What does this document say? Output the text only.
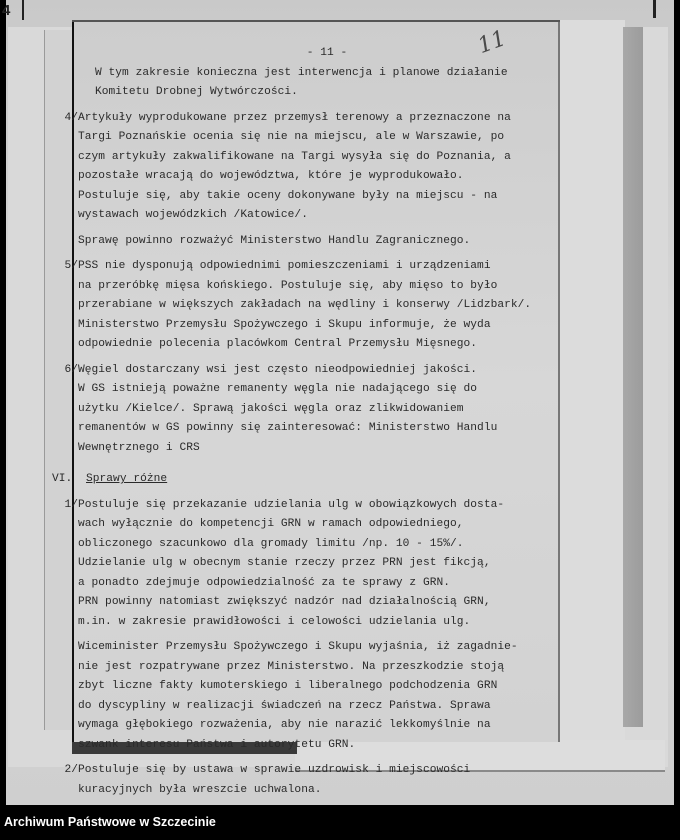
4
11
- 11 -
W tym zakresie konieczna jest interwencja i planowe działanie
Komitetu Drobnej Wytwórczości.
4/ Artykuły wyprodukowane przez przemysł terenowy a przeznaczone na
Targi Poznańskie ocenia się nie na miejscu, ale w Warszawie, po
czym artykuły zakwalifikowane na Targi wysyła się do Poznania, a
pozostałe wracają do województwa, które je wyprodukowało.
Postuluje się, aby takie oceny dokonywane były na miejscu - na
wystawach wojewódzkich /Katowice/.
Sprawę powinno rozważyć Ministerstwo Handlu Zagranicznego.
5/ PSS nie dysponują odpowiednimi pomieszczeniami i urządzeniami
na przeróbkę mięsa końskiego. Postuluje się, aby mięso to było
przerabiane w większych zakładach na wędliny i konserwy /Lidzbark/.
Ministerstwo Przemysłu Spożywczego i Skupu informuje, że wyda
odpowiednie polecenia placówkom Central Przemysłu Mięsnego.
6/ Węgiel dostarczany wsi jest często nieodpowiedniej jakości.
W GS istnieją poważne remanenty węgla nie nadającego się do
użytku /Kielce/. Sprawą jakości węgla oraz zlikwidowaniem
remanentów w GS powinny się zainteresować: Ministerstwo Handlu
Wewnętrznego i CRS
VI.	Sprawy różne
1/ Postuluje się przekazanie udzielania ulg w obowiązkowych dosta-
wach wyłącznie do kompetencji GRN w ramach odpowiedniego,
obliczonego szacunkowo dla gromady limitu /np. 10 - 15%/.
Udzielanie ulg w obecnym stanie rzeczy przez PRN jest fikcją,
a ponadto zdejmuje odpowiedzialność za te sprawy z GRN.
PRN powinny natomiast zwiększyć nadzór nad działalnością GRN,
m.in. w zakresie prawidłowości i celowości udzielania ulg.
Wiceminister Przemysłu Spożywczego i Skupu wyjaśnia, iż zagadnie-
nie jest rozpatrywane przez Ministerstwo. Na przeszkodzie stoją
zbyt liczne fakty kumoterskiego i liberalnego podchodzenia GRN
do dyscypliny w realizacji świadczeń na rzecz Państwa. Sprawa
wymaga głębokiego rozważenia, aby nie narazić lekkomyślnie na
szwank interesu Państwa i autorytetu GRN.
2/ Postuluje się by ustawa w sprawie uzdrowisk i miejscowości
kuracyjnych była wreszcie uchwalona.
Archiwum Państwowe w Szczecinie
